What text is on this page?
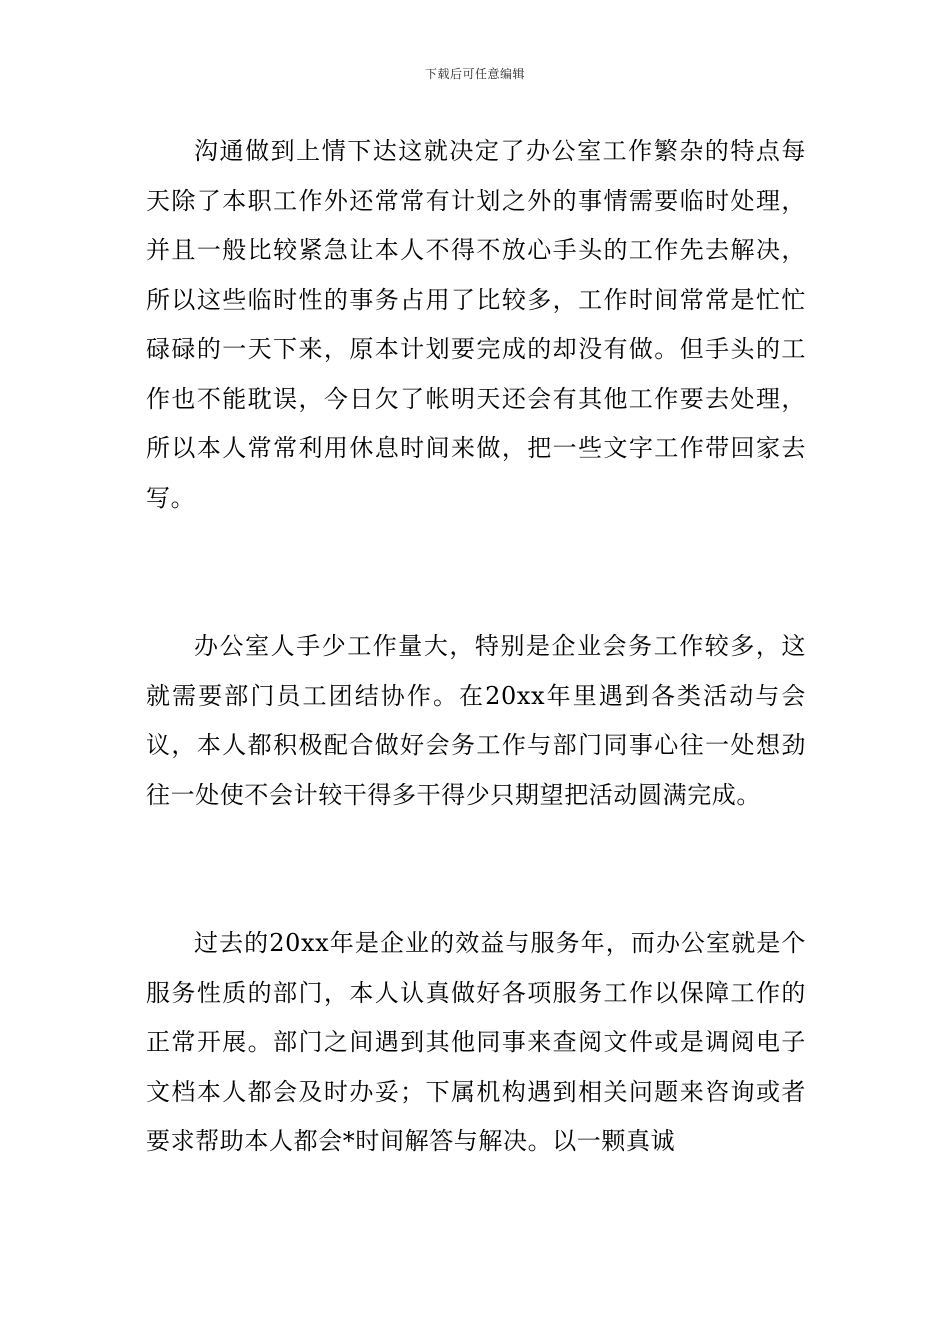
下载后可任意编辑

沟通做到上情下达这就决定了办公室工作繁杂的特点每天除了本职工作外还常常有计划之外的事情需要临时处理，并且一般比较紧急让本人不得不放心手头的工作先去解决，所以这些临时性的事务占用了比较多，工作时间常常是忙忙碌碌的一天下来，原本计划要完成的却没有做。但手头的工作也不能耽误，今日欠了帐明天还会有其他工作要去处理，所以本人常常利用休息时间来做，把一些文字工作带回家去写。

办公室人手少工作量大，特别是企业会务工作较多，这就需要部门员工团结协作。在20xx年里遇到各类活动与会议，本人都积极配合做好会务工作与部门同事心往一处想劲往一处使不会计较干得多干得少只期望把活动圆满完成。

过去的20xx年是企业的效益与服务年，而办公室就是个服务性质的部门，本人认真做好各项服务工作以保障工作的正常开展。部门之间遇到其他同事来查阅文件或是调阅电子文档本人都会及时办妥；下属机构遇到相关问题来咨询或者要求帮助本人都会*时间解答与解决。以一颗真诚
